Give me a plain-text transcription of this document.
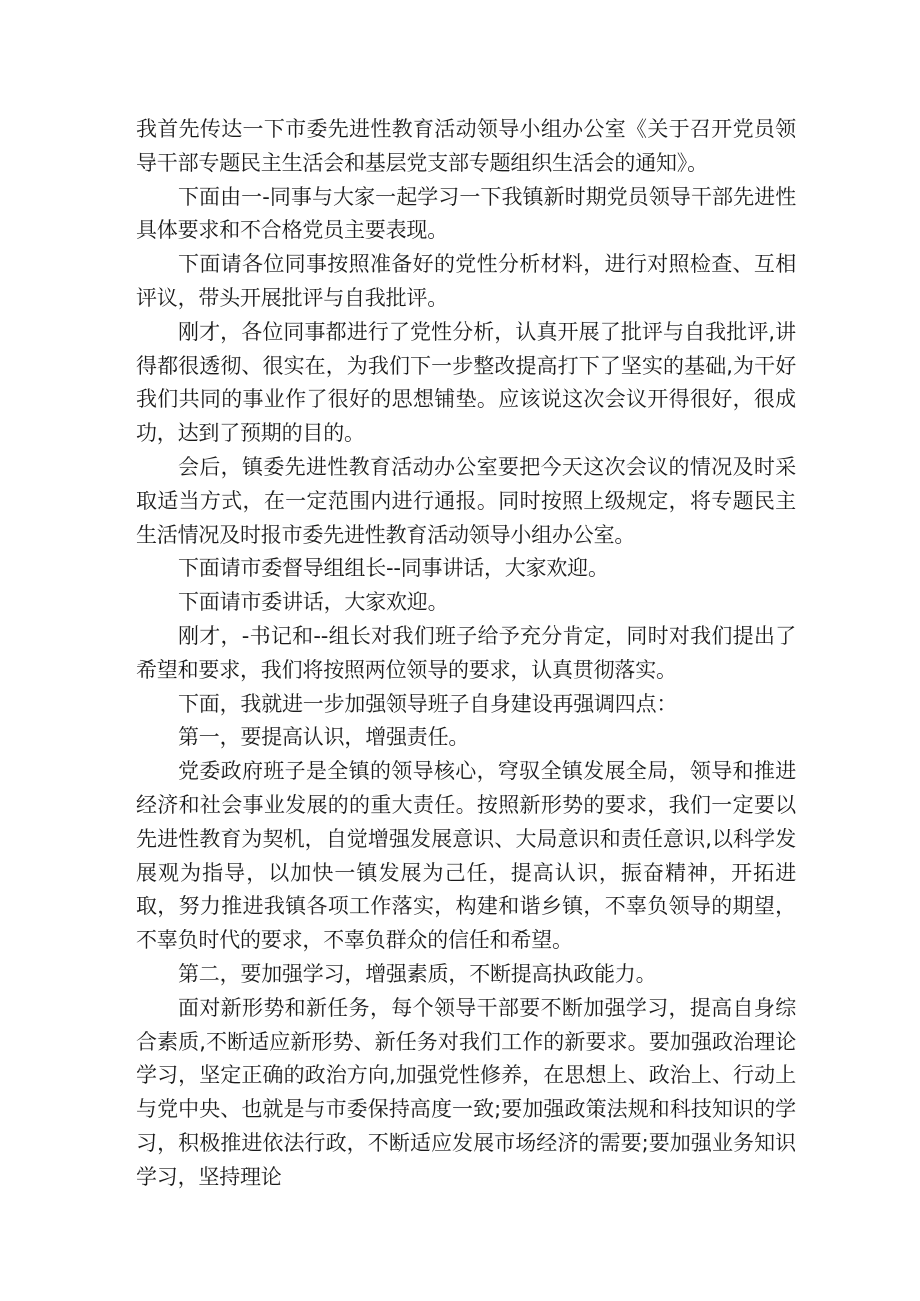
我首先传达一下市委先进性教育活动领导小组办公室《关于召开党员领导干部专题民主生活会和基层党支部专题组织生活会的通知》。

下面由一-同事与大家一起学习一下我镇新时期党员领导干部先进性具体要求和不合格党员主要表现。

下面请各位同事按照准备好的党性分析材料，进行对照检查、互相评议，带头开展批评与自我批评。

刚才，各位同事都进行了党性分析，认真开展了批评与自我批评,讲得都很透彻、很实在，为我们下一步整改提高打下了坚实的基础,为干好我们共同的事业作了很好的思想铺垫。应该说这次会议开得很好，很成功，达到了预期的目的。

会后，镇委先进性教育活动办公室要把今天这次会议的情况及时采取适当方式，在一定范围内进行通报。同时按照上级规定，将专题民主生活情况及时报市委先进性教育活动领导小组办公室。

下面请市委督导组组长--同事讲话，大家欢迎。

下面请市委讲话，大家欢迎。

刚才，-书记和--组长对我们班子给予充分肯定，同时对我们提出了希望和要求，我们将按照两位领导的要求，认真贯彻落实。

下面，我就进一步加强领导班子自身建设再强调四点：

第一，要提高认识，增强责任。

党委政府班子是全镇的领导核心，穹驭全镇发展全局，领导和推进经济和社会事业发展的的重大责任。按照新形势的要求，我们一定要以先进性教育为契机，自觉增强发展意识、大局意识和责任意识,以科学发展观为指导，以加快一镇发展为己任，提高认识，振奋精神，开拓进取，努力推进我镇各项工作落实，构建和谐乡镇，不辜负领导的期望，不辜负时代的要求，不辜负群众的信任和希望。

第二，要加强学习，增强素质，不断提高执政能力。

面对新形势和新任务，每个领导干部要不断加强学习，提高自身综合素质,不断适应新形势、新任务对我们工作的新要求。要加强政治理论学习，坚定正确的政治方向,加强党性修养，在思想上、政治上、行动上与党中央、也就是与市委保持高度一致;要加强政策法规和科技知识的学习，积极推进依法行政，不断适应发展市场经济的需要;要加强业务知识学习，坚持理论
